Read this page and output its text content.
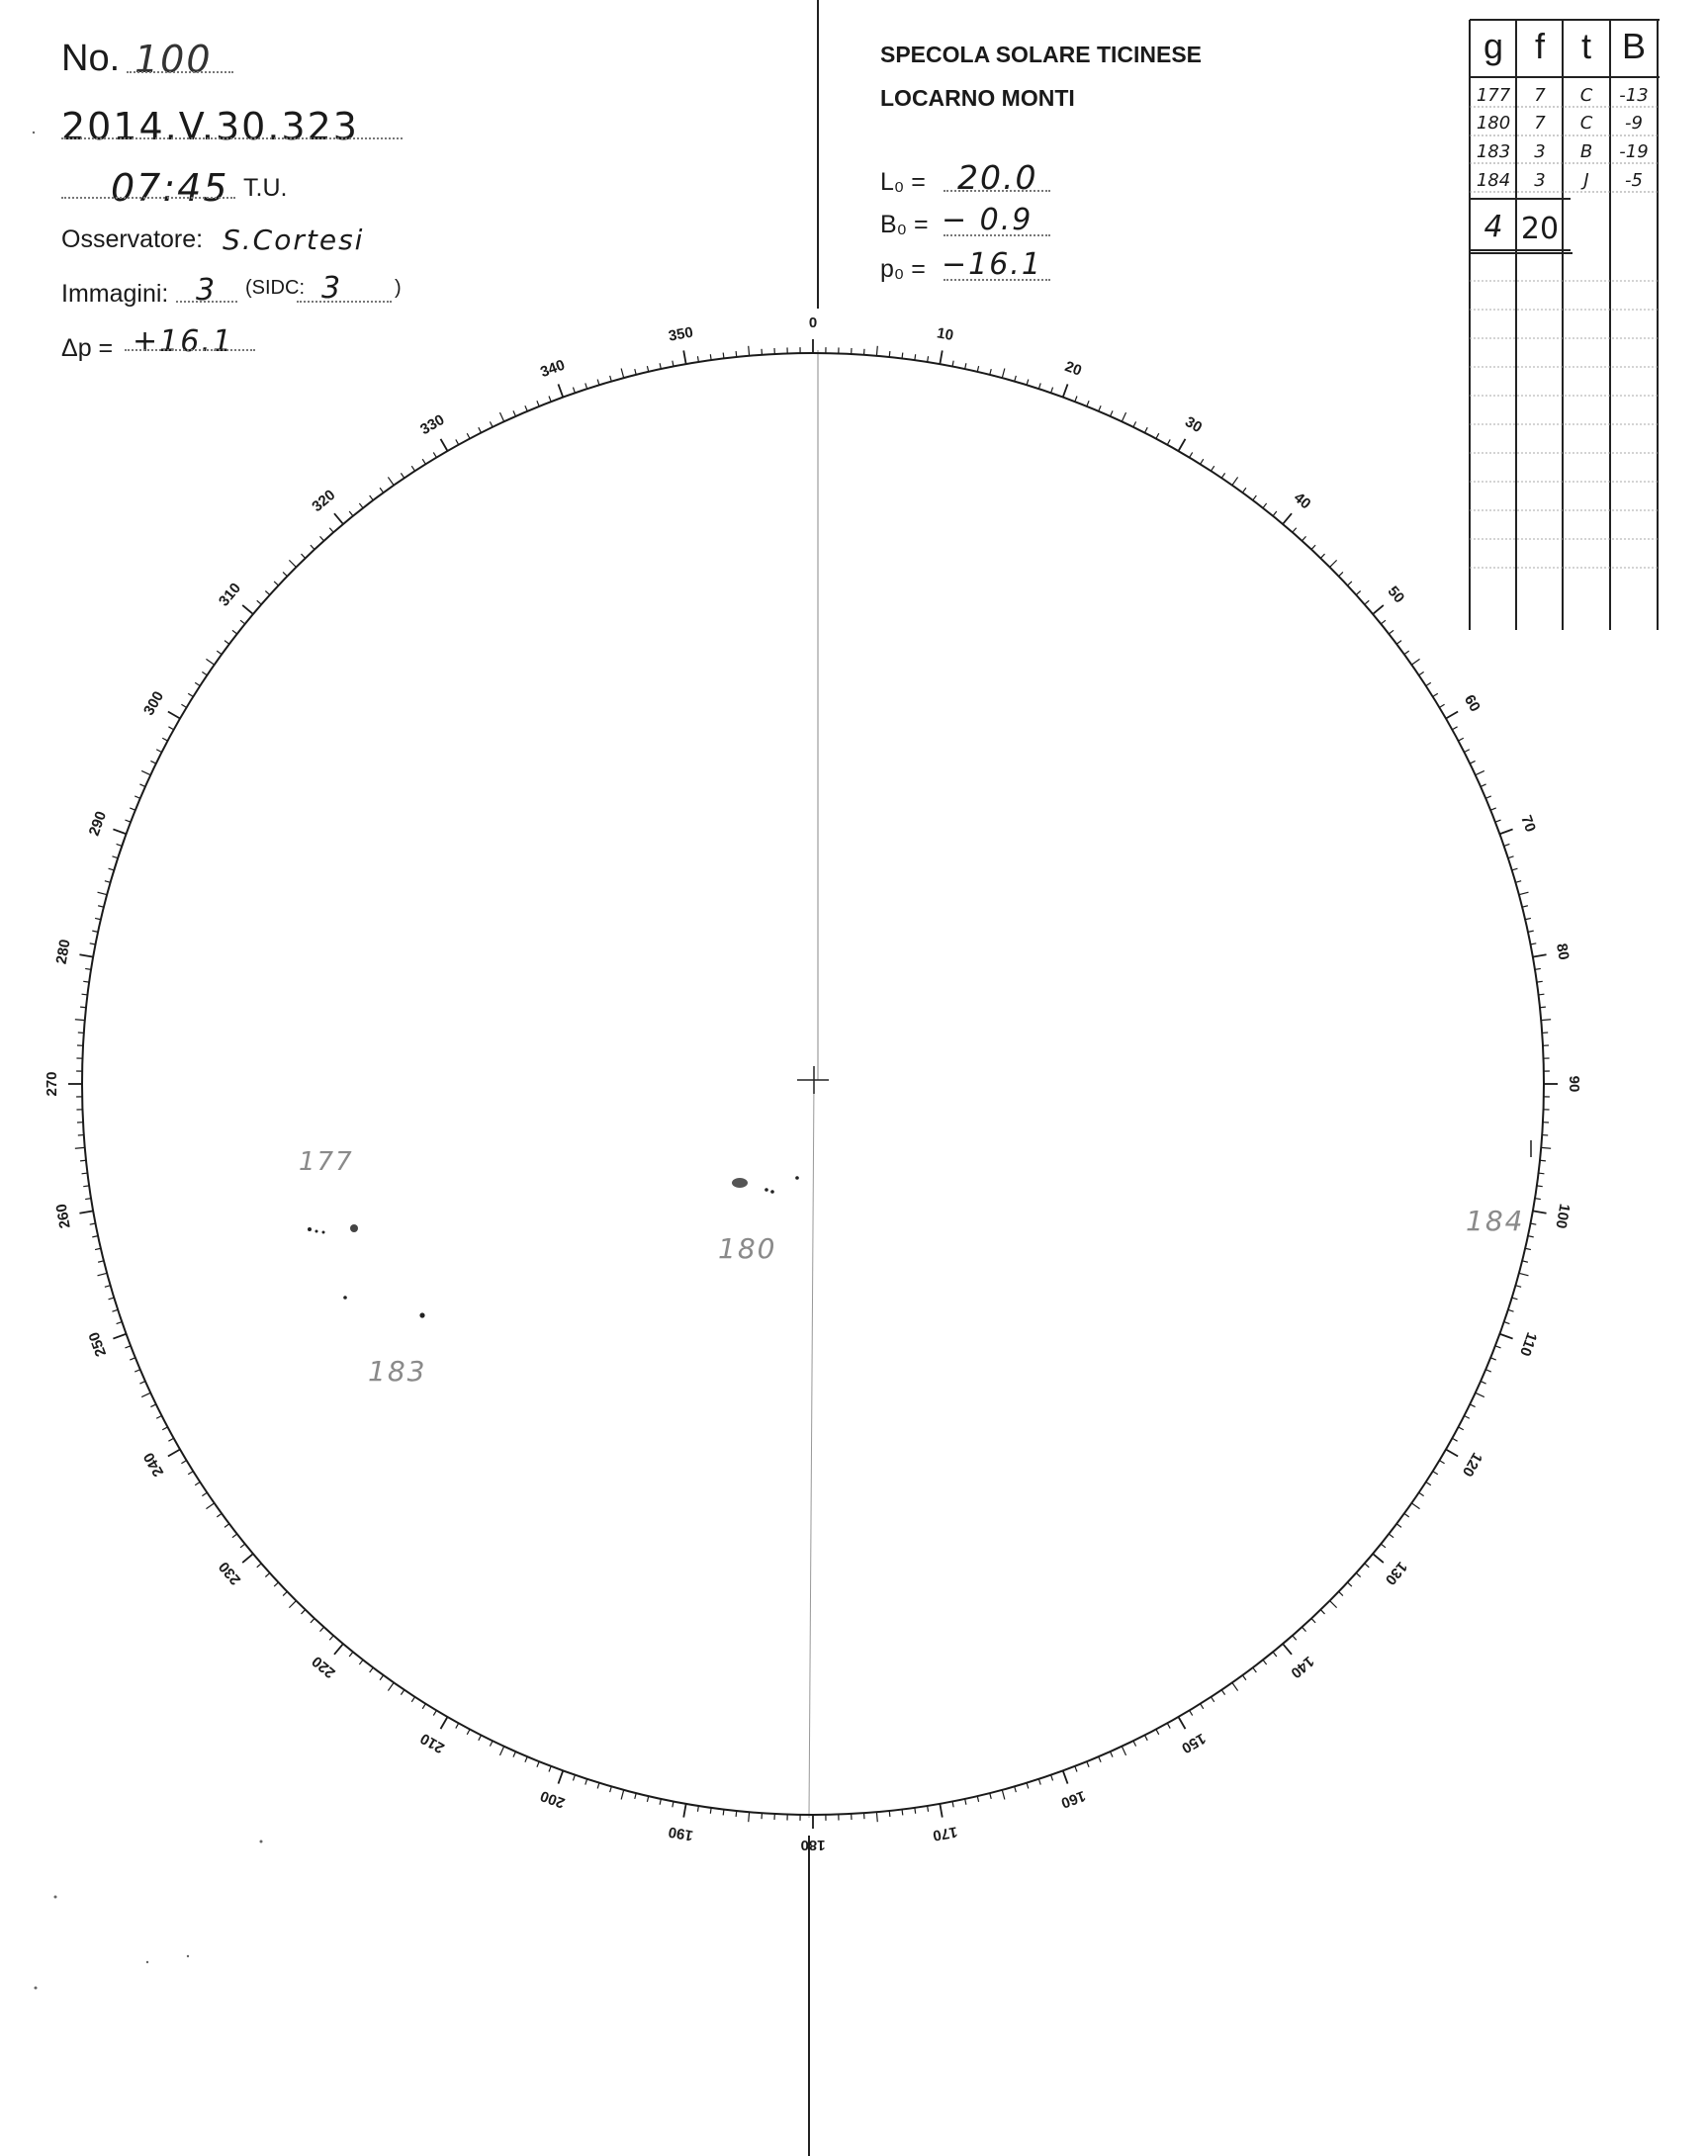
0
10
20
30
40
50
60
70
80
90
100
110
120
130
140
150
160
170
180
190
200
210
220
230
240
250
260
270
280
290
300
310
320
330
340
350
No. 100
2014.V.30.323
07:45 T.U.
Osservatore: S.Cortesi
Immagini: 3 (SIDC: 3	)
Δp = +16.1
SPECOLA SOLARE TICINESE
LOCARNO MONTI
L₀ = 20.0
B₀ = − 0.9
p₀ = −16.1
g f	t B
177	7	C	-13
180	7	C	-9
183	3	B	-19
184	3	J	-5
4 20
177
180
183
184
